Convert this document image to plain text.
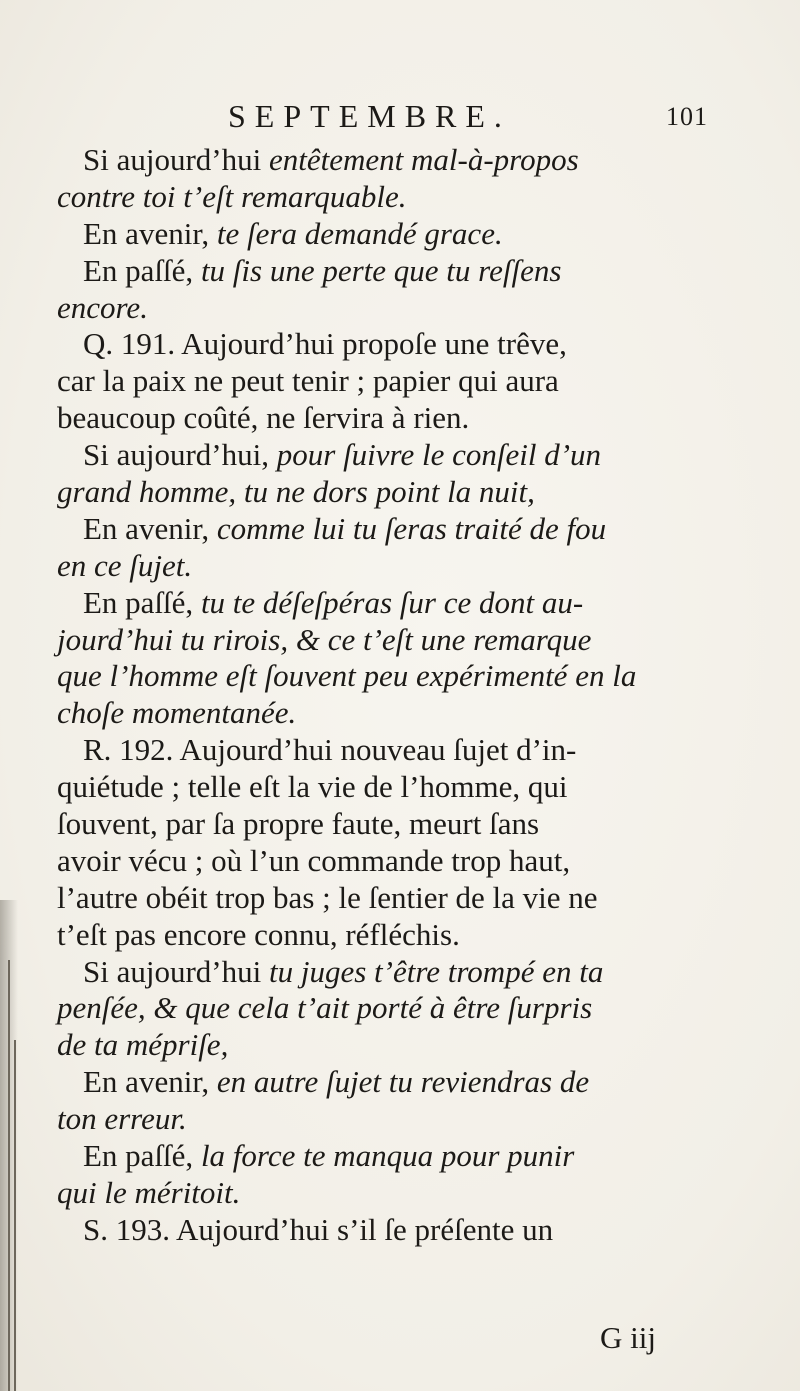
SEPTEMBRE.	101
Si aujourd’hui entêtement mal-à-propos
contre toi t’eſt remarquable.
En avenir, te ſera demandé grace.
En paſſé, tu ſis une perte que tu reſſens
encore.
Q. 191. Aujourd’hui propoſe une trêve,
car la paix ne peut tenir ; papier qui aura
beaucoup coûté, ne ſervira à rien.
Si aujourd’hui, pour ſuivre le conſeil d’un
grand homme, tu ne dors point la nuit,
En avenir, comme lui tu ſeras traité de fou
en ce ſujet.
En paſſé, tu te déſeſpéras ſur ce dont au-
jourd’hui tu rirois, & ce t’eſt une remarque
que l’homme eſt ſouvent peu expérimenté en la
choſe momentanée.
R. 192. Aujourd’hui nouveau ſujet d’in-
quiétude ; telle eſt la vie de l’homme, qui
ſouvent, par ſa propre faute, meurt ſans
avoir vécu ; où l’un commande trop haut,
l’autre obéit trop bas ; le ſentier de la vie ne
t’eſt pas encore connu, réfléchis.
Si aujourd’hui tu juges t’être trompé en ta
penſée, & que cela t’ait porté à être ſurpris
de ta mépriſe,
En avenir, en autre ſujet tu reviendras de
ton erreur.
En paſſé, la force te manqua pour punir
qui le méritoit.
S. 193. Aujourd’hui s’il ſe préſente un
G iij
